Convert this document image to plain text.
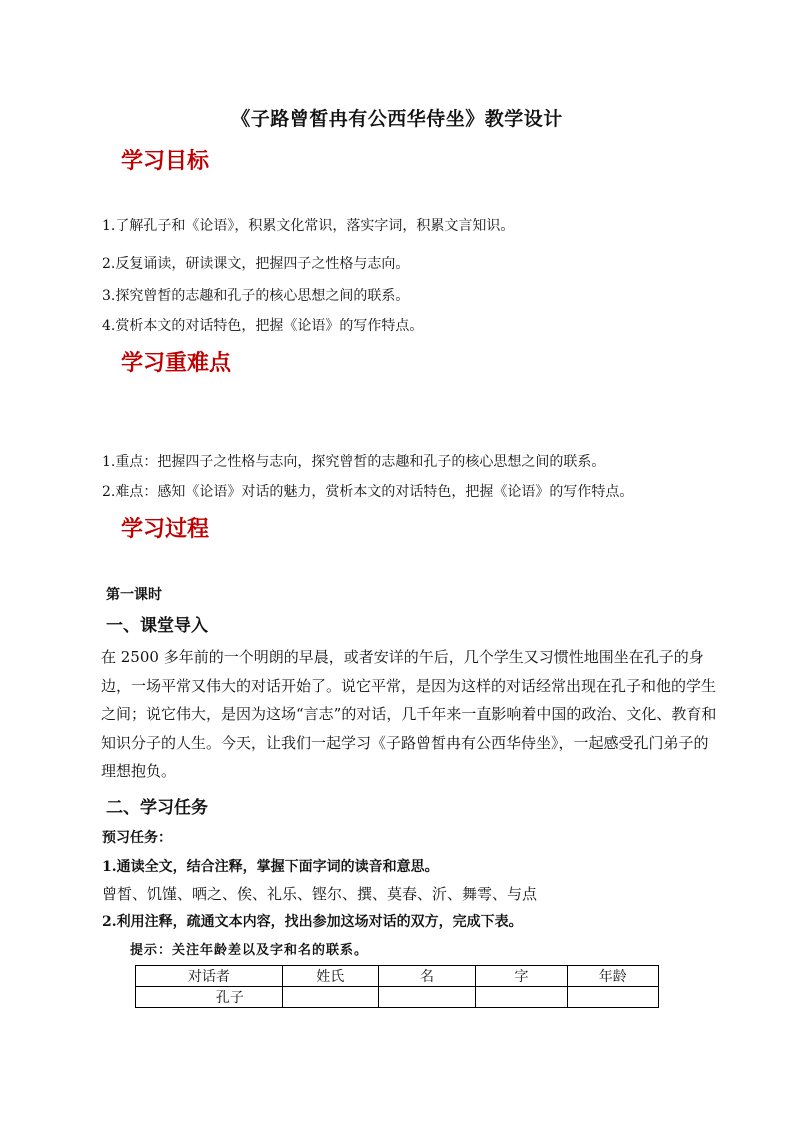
《子路曾皙冉有公西华侍坐》教学设计
学习目标
1.了解孔子和《论语》，积累文化常识，落实字词，积累文言知识。
2.反复诵读，研读课文，把握四子之性格与志向。
3.探究曾皙的志趣和孔子的核心思想之间的联系。
4.赏析本文的对话特色，把握《论语》的写作特点。
学习重难点
1.重点：把握四子之性格与志向，探究曾皙的志趣和孔子的核心思想之间的联系。
2.难点：感知《论语》对话的魅力，赏析本文的对话特色，把握《论语》的写作特点。
学习过程
第一课时
一、课堂导入

在 2500 多年前的一个明朗的早晨，或者安详的午后，几个学生又习惯性地围坐在孔子的身边，一场平常又伟大的对话开始了。说它平常，是因为这样的对话经常出现在孔子和他的学生之间；说它伟大，是因为这场“言志”的对话，几千年来一直影响着中国的政治、文化、教育和知识分子的人生。今天，让我们一起学习《子路曾皙冉有公西华侍坐》，一起感受孔门弟子的理想抱负。

二、学习任务
预习任务：
1.通读全文，结合注释，掌握下面字词的读音和意思。
曾皙、饥馑、哂之、俟、礼乐、铿尔、撰、莫春、沂、舞雩、与点
2.利用注释，疏通文本内容，找出参加这场对话的双方，完成下表。
提示：关注年龄差以及字和名的联系。
对话者	姓氏	名	字	年龄
孔子				
